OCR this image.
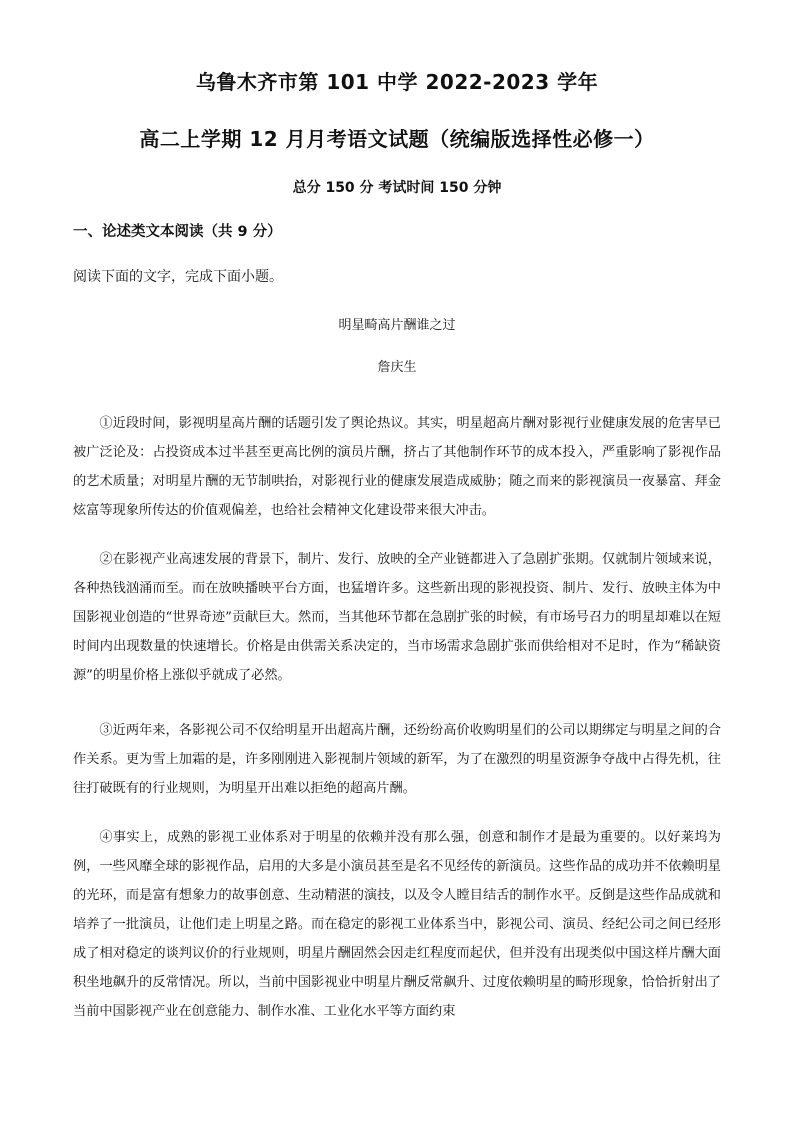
乌鲁木齐市第 101 中学 2022-2023 学年
高二上学期 12 月月考语文试题（统编版选择性必修一）
总分 150 分 考试时间 150 分钟
一、论述类文本阅读（共 9 分）
阅读下面的文字，完成下面小题。
明星畸高片酬谁之过
詹庆生

①近段时间，影视明星高片酬的话题引发了舆论热议。其实，明星超高片酬对影视行业健康发展的危害早已被广泛论及：占投资成本过半甚至更高比例的演员片酬，挤占了其他制作环节的成本投入，严重影响了影视作品的艺术质量；对明星片酬的无节制哄抬，对影视行业的健康发展造成威胁；随之而来的影视演员一夜暴富、拜金炫富等现象所传达的价值观偏差，也给社会精神文化建设带来很大冲击。

②在影视产业高速发展的背景下，制片、发行、放映的全产业链都进入了急剧扩张期。仅就制片领域来说，各种热钱汹涌而至。而在放映播映平台方面，也猛增许多。这些新出现的影视投资、制片、发行、放映主体为中国影视业创造的“世界奇迹”贡献巨大。然而，当其他环节都在急剧扩张的时候，有市场号召力的明星却难以在短时间内出现数量的快速增长。价格是由供需关系决定的，当市场需求急剧扩张而供给相对不足时，作为“稀缺资源”的明星价格上涨似乎就成了必然。

③近两年来，各影视公司不仅给明星开出超高片酬，还纷纷高价收购明星们的公司以期绑定与明星之间的合作关系。更为雪上加霜的是，许多刚刚进入影视制片领域的新军，为了在激烈的明星资源争夺战中占得先机，往往打破既有的行业规则，为明星开出难以拒绝的超高片酬。

④事实上，成熟的影视工业体系对于明星的依赖并没有那么强，创意和制作才是最为重要的。以好莱坞为例，一些风靡全球的影视作品，启用的大多是小演员甚至是名不见经传的新演员。这些作品的成功并不依赖明星的光环，而是富有想象力的故事创意、生动精湛的演技，以及令人瞠目结舌的制作水平。反倒是这些作品成就和培养了一批演员，让他们走上明星之路。而在稳定的影视工业体系当中，影视公司、演员、经纪公司之间已经形成了相对稳定的谈判议价的行业规则，明星片酬固然会因走红程度而起伏，但并没有出现类似中国这样片酬大面积坐地飙升的反常情况。所以，当前中国影视业中明星片酬反常飙升、过度依赖明星的畸形现象，恰恰折射出了当前中国影视产业在创意能力、制作水准、工业化水平等方面约束
